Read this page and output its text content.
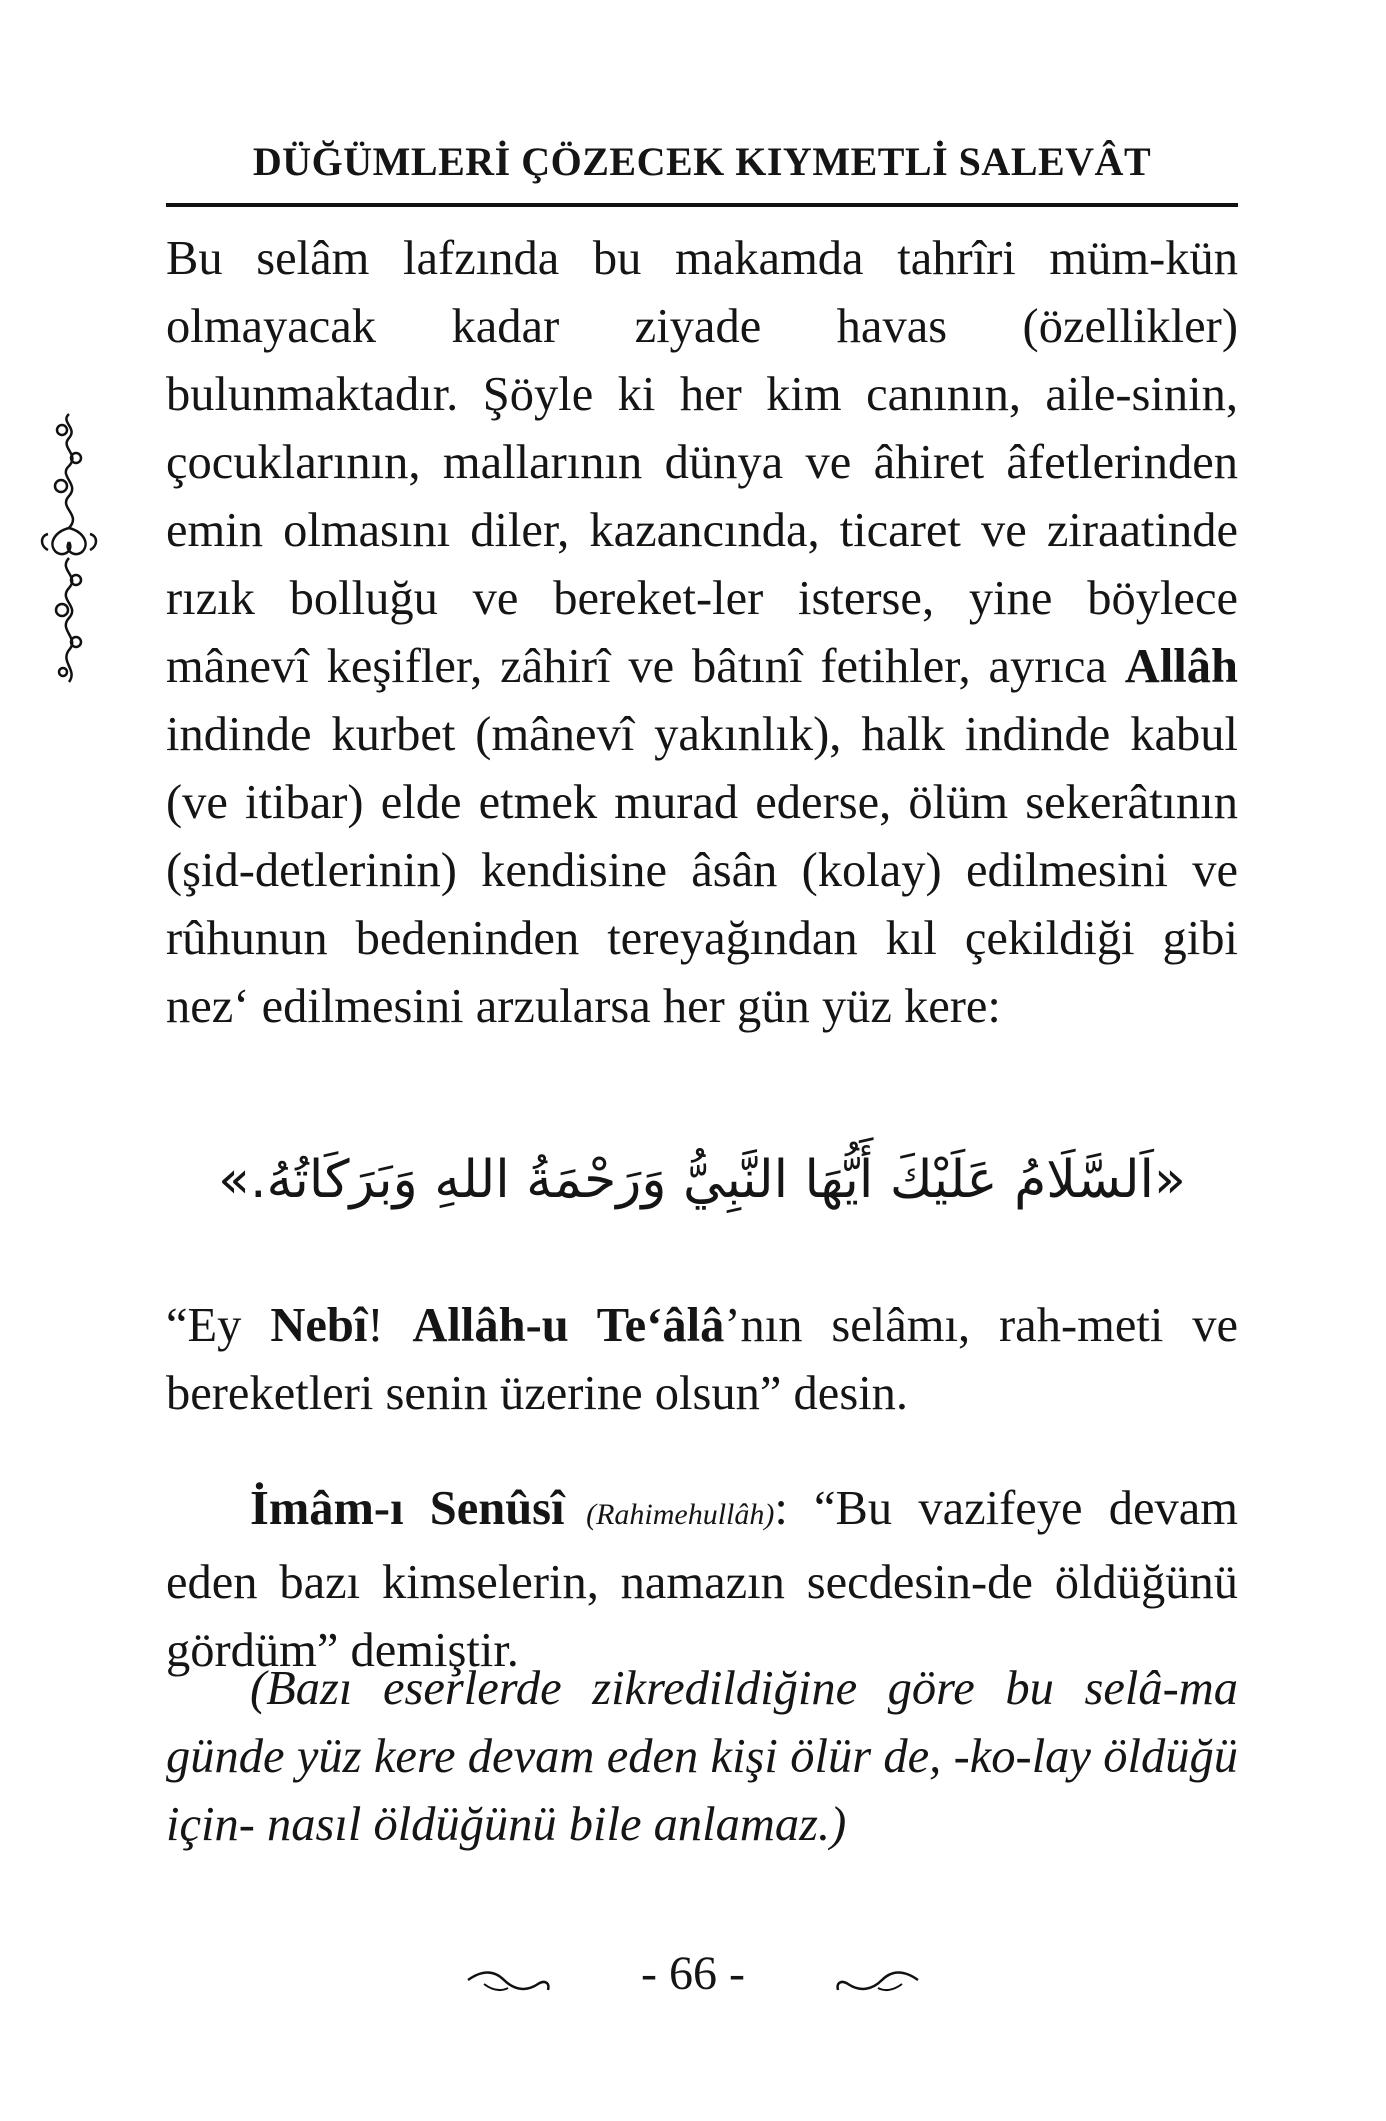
DÜĞÜMLERİ ÇÖZECEK KIYMETLİ SALEVÂT

Bu selâm lafzında bu makamda tahrîri müm-kün olmayacak kadar ziyade havas (özellikler) bulunmaktadır. Şöyle ki her kim canının, aile-sinin, çocuklarının, mallarının dünya ve âhiret âfetlerinden emin olmasını diler, kazancında, ticaret ve ziraatinde rızık bolluğu ve bereket-ler isterse, yine böylece mânevî keşifler, zâhirî ve bâtınî fetihler, ayrıca Allâh indinde kurbet (mânevî yakınlık), halk indinde kabul (ve itibar) elde etmek murad ederse, ölüm sekerâtının (şid-detlerinin) kendisine âsân (kolay) edilmesini ve rûhunun bedeninden tereyağından kıl çekildiği gibi nez‘ edilmesini arzularsa her gün yüz kere:

«اَلسَّلَامُ عَلَيْكَ أَيُّهَا النَّبِيُّ وَرَحْمَةُ اللهِ وَبَرَكَاتُهُ.»

“Ey Nebî! Allâh-u Te‘âlâ’nın selâmı, rah-meti ve bereketleri senin üzerine olsun” desin.

İmâm-ı Senûsî (Rahimehullâh): “Bu vazifeye devam eden bazı kimselerin, namazın secdesin-de öldüğünü gördüm” demiştir.

(Bazı eserlerde zikredildiğine göre bu selâ-ma günde yüz kere devam eden kişi ölür de, -ko-lay öldüğü için- nasıl öldüğünü bile anlamaz.)

- 66 -
